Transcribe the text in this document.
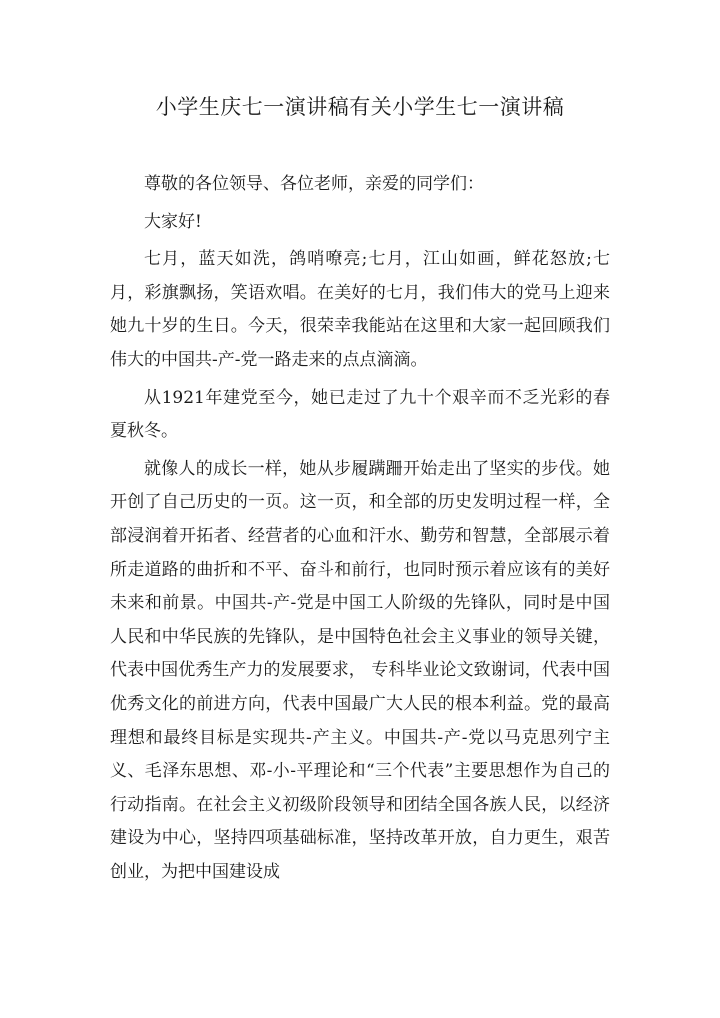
小学生庆七一演讲稿有关小学生七一演讲稿

尊敬的各位领导、各位老师，亲爱的同学们：

大家好!

七月，蓝天如洗，鸽哨嘹亮;七月，江山如画，鲜花怒放;七月，彩旗飘扬，笑语欢唱。在美好的七月，我们伟大的党马上迎来她九十岁的生日。今天，很荣幸我能站在这里和大家一起回顾我们伟大的中国共-产-党一路走来的点点滴滴。

从1921年建党至今，她已走过了九十个艰辛而不乏光彩的春夏秋冬。

就像人的成长一样，她从步履蹒跚开始走出了坚实的步伐。她开创了自己历史的一页。这一页，和全部的历史发明过程一样，全部浸润着开拓者、经营者的心血和汗水、勤劳和智慧，全部展示着所走道路的曲折和不平、奋斗和前行，也同时预示着应该有的美好未来和前景。中国共-产-党是中国工人阶级的先锋队，同时是中国人民和中华民族的先锋队，是中国特色社会主义事业的领导关键，代表中国优秀生产力的发展要求， 专科毕业论文致谢词，代表中国优秀文化的前进方向，代表中国最广大人民的根本利益。党的最高理想和最终目标是实现共-产主义。中国共-产-党以马克思列宁主义、毛泽东思想、邓-小-平理论和“三个代表”主要思想作为自己的行动指南。在社会主义初级阶段领导和团结全国各族人民，以经济建设为中心，坚持四项基础标准，坚持改革开放，自力更生，艰苦创业，为把中国建设成
